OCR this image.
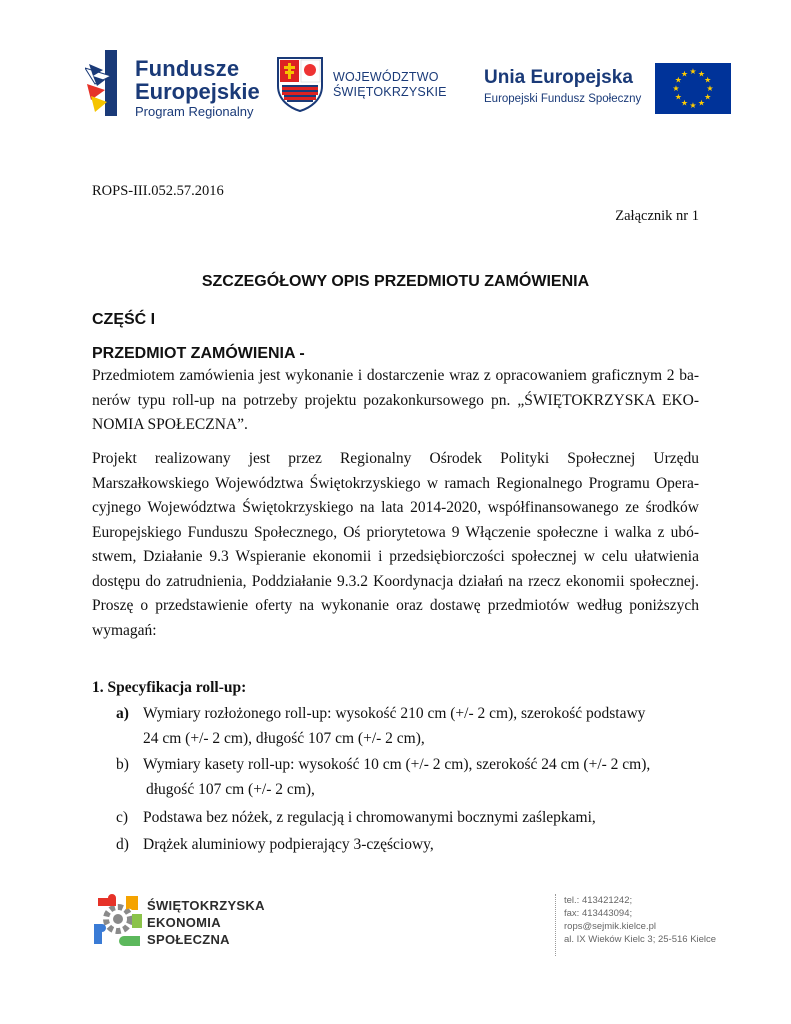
Fundusze
Europejskie
Program Regionalny
WOJEWÓDZTWO
ŚWIĘTOKRZYSKIE
Unia Europejska
Europejski Fundusz Społeczny
★ ★
★
★
★
★
★
★
★
★
★
★
ROPS-III.052.57.2016
Załącznik nr 1
SZCZEGÓŁOWY OPIS PRZEDMIOTU ZAMÓWIENIA
CZĘŚĆ I
PRZEDMIOT ZAMÓWIENIA -
Przedmiotem zamówienia jest wykonanie i dostarczenie wraz z opracowaniem graficznym 2 ba-
nerów typu roll-up na potrzeby projektu pozakonkursowego pn. „ŚWIĘTOKRZYSKA EKO-
NOMIA SPOŁECZNA”.
Projekt realizowany jest przez Regionalny Ośrodek Polityki Społecznej Urzędu
Marszałkowskiego Województwa Świętokrzyskiego w ramach Regionalnego Programu Opera-
cyjnego Województwa Świętokrzyskiego na lata 2014-2020, współfinansowanego ze środków
Europejskiego Funduszu Społecznego, Oś priorytetowa 9 Włączenie społeczne i walka z ubó-
stwem, Działanie 9.3 Wspieranie ekonomii i przedsiębiorczości społecznej w celu ułatwienia
dostępu do zatrudnienia, Poddziałanie 9.3.2 Koordynacja działań na rzecz ekonomii społecznej.
Proszę o przedstawienie oferty na wykonanie oraz dostawę przedmiotów według poniższych
wymagań:
1. Specyfikacja roll-up:
a) Wymiary rozłożonego roll-up: wysokość 210 cm (+/- 2 cm), szerokość podstawy
24 cm (+/- 2 cm), długość 107 cm (+/- 2 cm),
b) Wymiary kasety roll-up: wysokość 10 cm (+/- 2 cm), szerokość 24 cm (+/- 2 cm),
długość 107 cm (+/- 2 cm),
c) Podstawa bez nóżek, z regulacją i chromowanymi bocznymi zaślepkami,
d) Drążek aluminiowy podpierający 3-częściowy,
ŚWIĘTOKRZYSKA
EKONOMIA
SPOŁECZNA
tel.: 413421242;
fax: 413443094;
rops@sejmik.kielce.pl
al. IX Wieków Kielc 3; 25-516 Kielce
